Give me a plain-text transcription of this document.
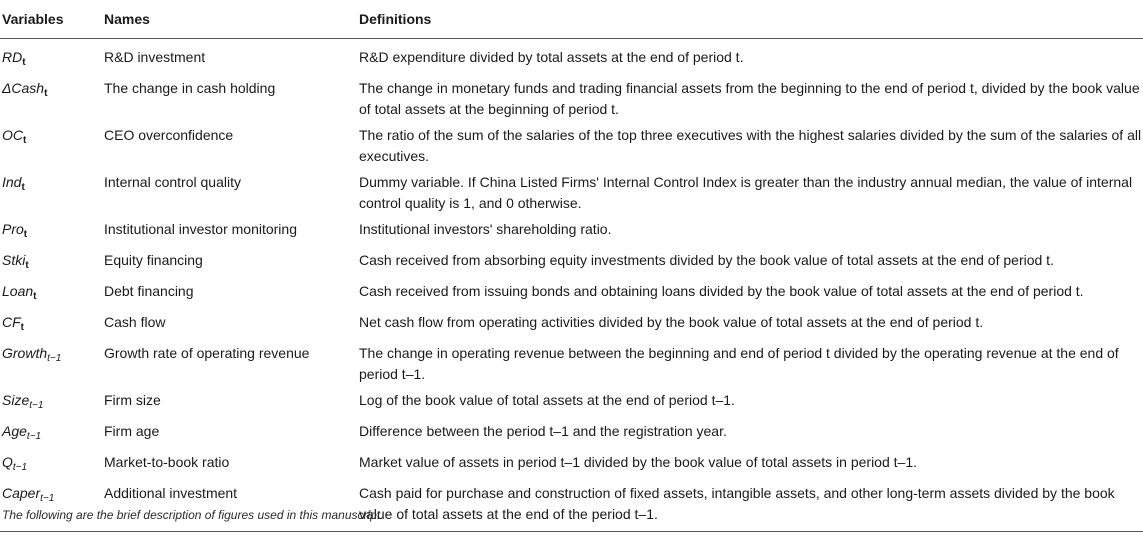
Variables	Names	Definitions
$RD_t$	R&D investment	R&D expenditure divided by total assets at the end of period t.
ΔCash$_t$	The change in cash holding	The change in monetary funds and trading financial assets from the beginning to the end of period t, divided by the book value of total assets at the beginning of period t.
$OC_t$	CEO overconfidence	The ratio of the sum of the salaries of the top three executives with the highest salaries divided by the sum of the salaries of all executives.
Ind$_t$	Internal control quality	Dummy variable. If China Listed Firms' Internal Control Index is greater than the industry annual median, the value of internal control quality is 1, and 0 otherwise.
Pro$_t$	Institutional investor monitoring	Institutional investors' shareholding ratio.
Stki$_t$	Equity financing	Cash received from absorbing equity investments divided by the book value of total assets at the end of period t.
Loan$_t$	Debt financing	Cash received from issuing bonds and obtaining loans divided by the book value of total assets at the end of period t.
$CF_t$	Cash flow	Net cash flow from operating activities divided by the book value of total assets at the end of period t.
Growth$_{t-1}$	Growth rate of operating revenue	The change in operating revenue between the beginning and end of period t divided by the operating revenue at the end of period t–1.
Size$_{t-1}$	Firm size	Log of the book value of total assets at the end of period t–1.
Age$_{t-1}$	Firm age	Difference between the period t–1 and the registration year.
$Q_{t-1}$	Market-to-book ratio	Market value of assets in period t–1 divided by the book value of total assets in period t–1.
Caper$_{t-1}$	Additional investment	Cash paid for purchase and construction of fixed assets, intangible assets, and other long-term assets divided by the book value of total assets at the end of the period t–1.
The following are the brief description of figures used in this manuscript.
